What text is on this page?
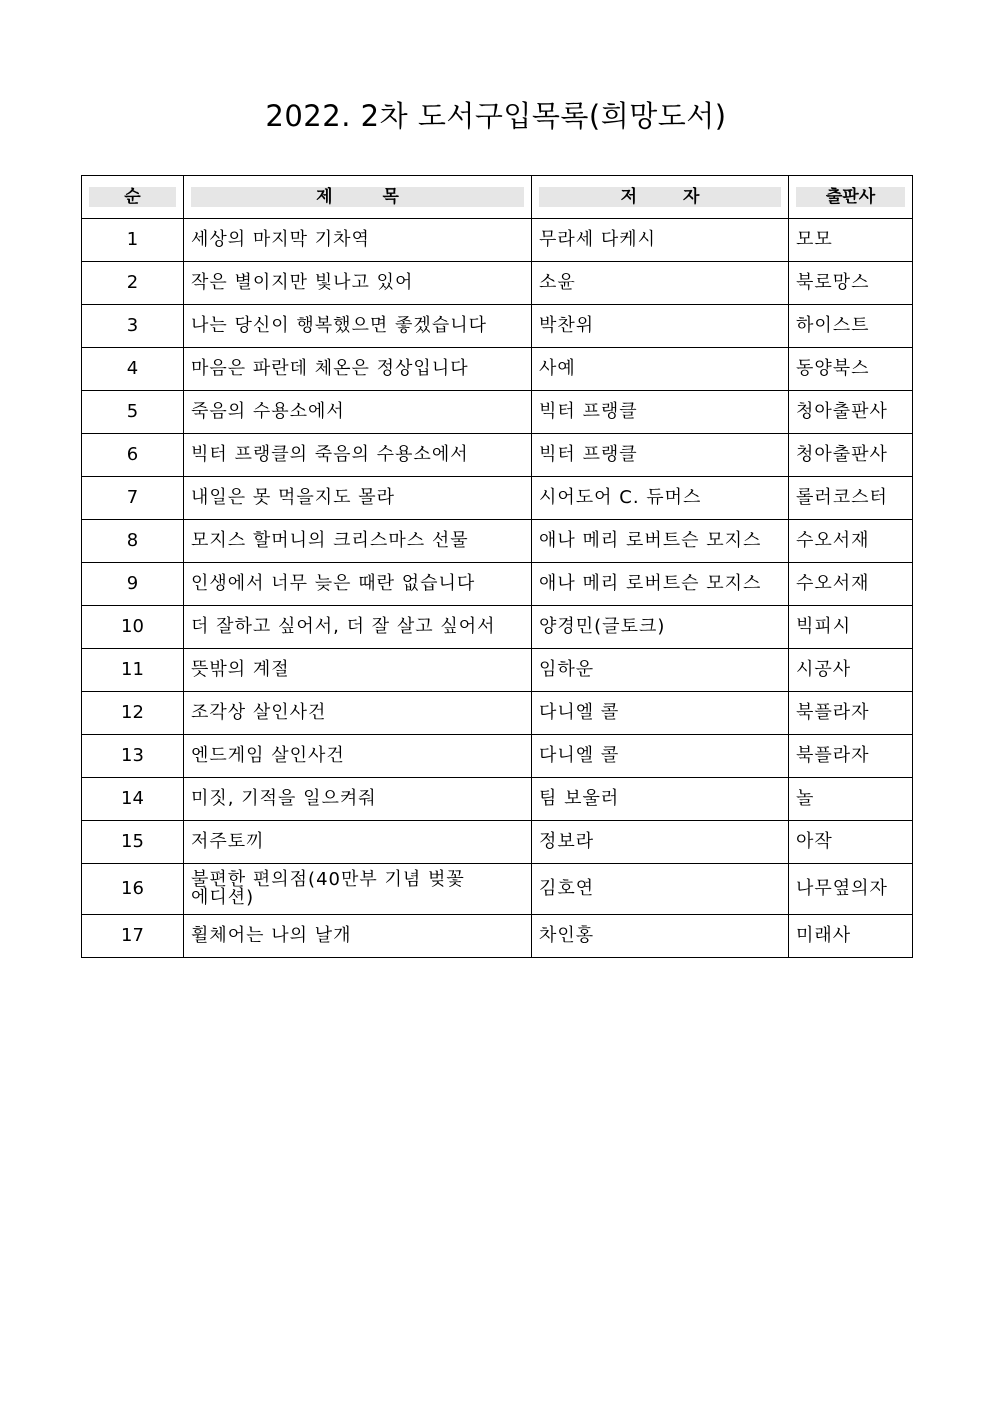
2022. 2차 도서구입목록(희망도서)
순	제 목	저 자	출판사

1	세상의 마지막 기차역	무라세 다케시	모모
2	작은 별이지만 빛나고 있어	소윤	북로망스
3	나는 당신이 행복했으면 좋겠습니다	박찬위	하이스트
4	마음은 파란데 체온은 정상입니다	사예	동양북스
5	죽음의 수용소에서	빅터 프랭클	청아출판사
6	빅터 프랭클의 죽음의 수용소에서	빅터 프랭클	청아출판사
7	내일은 못 먹을지도 몰라	시어도어 C. 듀머스	롤러코스터
8	모지스 할머니의 크리스마스 선물	애나 메리 로버트슨 모지스	수오서재
9	인생에서 너무 늦은 때란 없습니다	애나 메리 로버트슨 모지스	수오서재
10	더 잘하고 싶어서, 더 잘 살고 싶어서	양경민(글토크)	빅피시
11	뜻밖의 계절	임하운	시공사
12	조각상 살인사건	다니엘 콜	북플라자
13	엔드게임 살인사건	다니엘 콜	북플라자
14	미짓, 기적을 일으켜줘	팀 보울러	놀
15	저주토끼	정보라	아작
16	불편한 편의점(40만부 기념 벚꽃
에디션)	김호연	나무옆의자
17	휠체어는 나의 날개	차인홍	미래사
